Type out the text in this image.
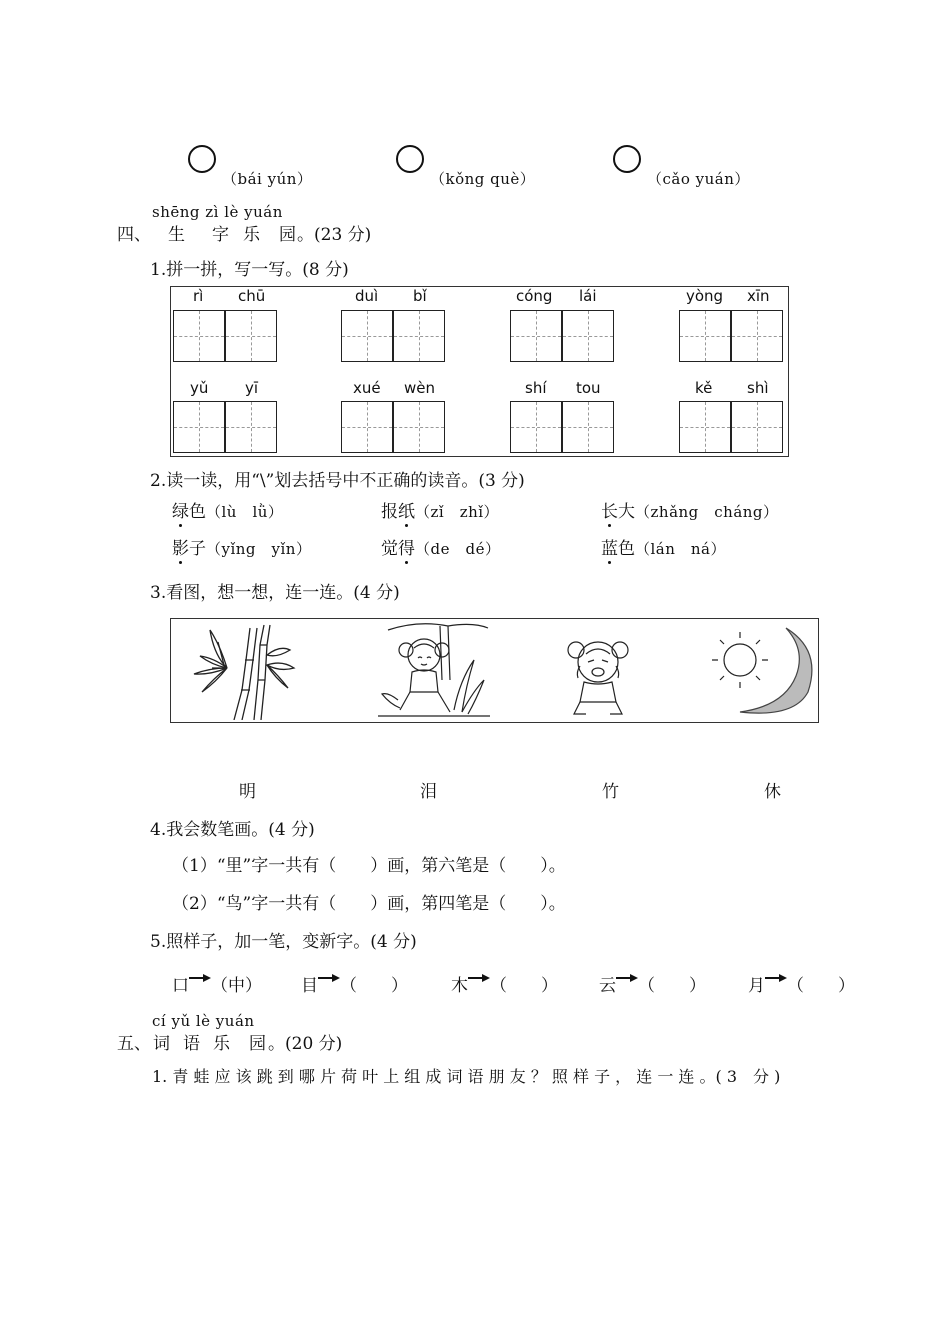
（bái yún）	（kǒng què）	（cǎo yuán）
shēng zì lè yuán
四、 生 字 乐 园 。(23 分)
1.拼一拼，写一写。(8 分)
rì chū	duì bǐ	cóng lái	yòng xīn
yǔ yī	xué wèn	shí tou	kě shì
2.读一读，用“\”划去括号中不正确的读音。(3 分)
绿色（lù　lǜ）	报纸（zǐ　zhǐ）	长大（zhǎng　cháng）
影子（yǐng　yǐn）	觉得（de　dé）	蓝色（lán　ná）
3.看图，想一想，连一连。(4 分)
明	泪	竹	休
4.我会数笔画。(4 分)
（1）“里”字一共有（　　）画，第六笔是（　　）。
（2）“鸟”字一共有（　　）画，第四笔是（　　）。
5.照样子，加一笔，变新字。(4 分)
口 （中） 目 （　　）	木 （　　） 云 （　　） 月 （　　）
cí yǔ lè yuán
五、 词 语 乐 园 。(20 分)
1. 青 蛙 应 该 跳 到 哪 片 荷 叶 上 组 成 词 语 朋 友 ？ 照 样 子 ， 连 一 连 。( 3　分 )
